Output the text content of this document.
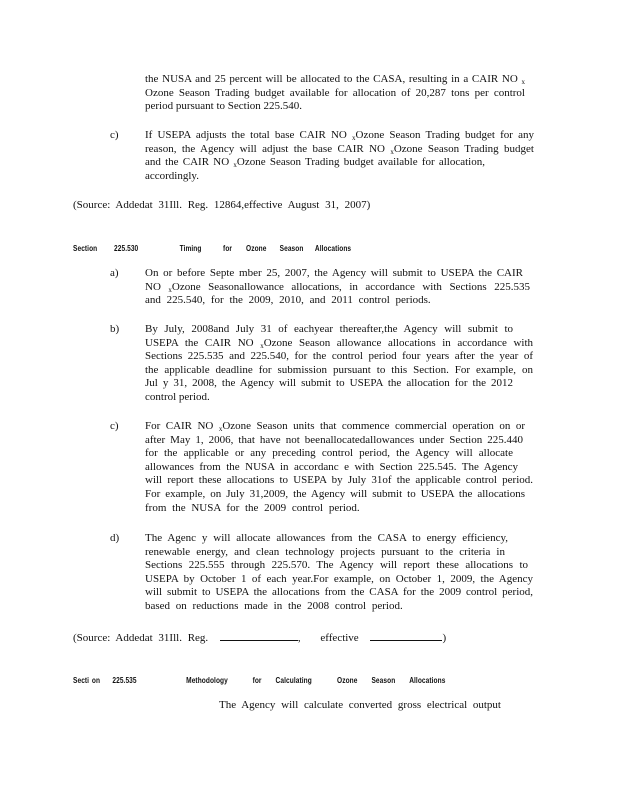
the NUSA and 25 percent will be allocated to the CASA, resulting in a CAIR NO $_x$
Ozone Season Trading budget available for allocation of 20,287 tons per control
period pursuant to Section 225.540.
c) If USEPA adjusts the total base CAIR NO $_x$Ozone Season Trading budget for any
reason, the Agency will adjust the base CAIR NO $_x$Ozone Season Trading budget
and the CAIR NO $_x$Ozone Season Trading budget available for allocation,
accordingly.
(Source: Addedat 31Ill. Reg. 12864,effective August 31, 2007)
Section 225.530	Timing	for Ozone Season Allocations
a) On or before Septe mber 25, 2007, the Agency will submit to USEPA the CAIR
NO $_x$Ozone Seasonallowance allocations, in accordance with Sections 225.535
and 225.540, for the 2009, 2010, and 2011 control periods.
b) By July, 2008and July 31 of eachyear thereafter,the Agency will submit to
USEPA the CAIR NO $_x$Ozone Season allowance allocations in accordance with
Sections 225.535 and 225.540, for the control period four years after the year of
the applicable deadline for submission pursuant to this Section. For example, on
Jul y 31, 2008, the Agency will submit to USEPA the allocation for the 2012
control period.
c) For CAIR NO $_x$Ozone Season units that commence commercial operation on or
after May 1, 2006, that have not beenallocatedallowances under Section 225.440
for the applicable or any preceding control period, the Agency will allocate
allowances from the NUSA in accordanc e with Section 225.545. The Agency
will report these allocations to USEPA by July 31of the applicable control period.
For example, on July 31,2009, the Agency will submit to USEPA the allocations
from the NUSA for the 2009 control period.
d) The Agenc y will allocate allowances from the CASA to energy efficiency,
renewable energy, and clean technology projects pursuant to the criteria in
Sections 225.555 through 225.570. The Agency will report these allocations to
USEPA by October 1 of each year.For example, on October 1, 2009, the Agency
will submit to USEPA the allocations from the CASA for the 2009 control period,
based on reductions made in the 2008 control period.
(Source: Addedat 31Ill. Reg.	, effective	)
Secti on 225.535	Methodology	for Calculating	Ozone Season Allocations
The Agency will calculate converted gross electrical output
